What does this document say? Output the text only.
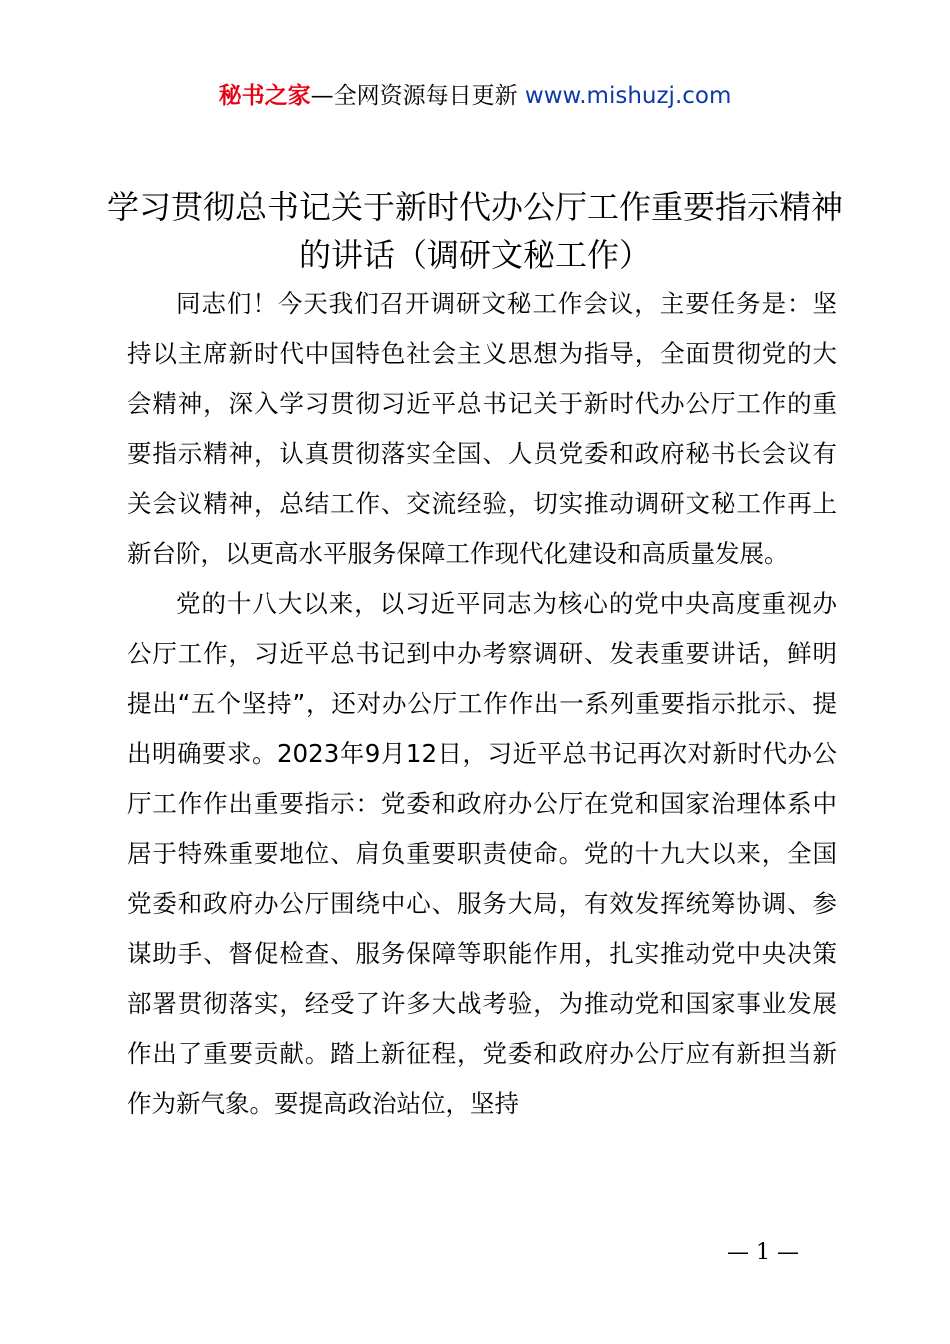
秘书之家—全网资源每日更新 www.mishuzj.com
学习贯彻总书记关于新时代办公厅工作重要指示精神的讲话（调研文秘工作）

同志们！今天我们召开调研文秘工作会议，主要任务是：坚持以主席新时代中国特色社会主义思想为指导，全面贯彻党的大会精神，深入学习贯彻习近平总书记关于新时代办公厅工作的重要指示精神，认真贯彻落实全国、人员党委和政府秘书长会议有关会议精神，总结工作、交流经验，切实推动调研文秘工作再上新台阶，以更高水平服务保障工作现代化建设和高质量发展。

党的十八大以来，以习近平同志为核心的党中央高度重视办公厅工作，习近平总书记到中办考察调研、发表重要讲话，鲜明提出“五个坚持”，还对办公厅工作作出一系列重要指示批示、提出明确要求。2023年9月12日，习近平总书记再次对新时代办公厅工作作出重要指示：党委和政府办公厅在党和国家治理体系中居于特殊重要地位、肩负重要职责使命。党的十九大以来，全国党委和政府办公厅围绕中心、服务大局，有效发挥统筹协调、参谋助手、督促检查、服务保障等职能作用，扎实推动党中央决策部署贯彻落实，经受了许多大战考验，为推动党和国家事业发展作出了重要贡献。踏上新征程，党委和政府办公厅应有新担当新作为新气象。要提高政治站位，坚持

— 1 —
